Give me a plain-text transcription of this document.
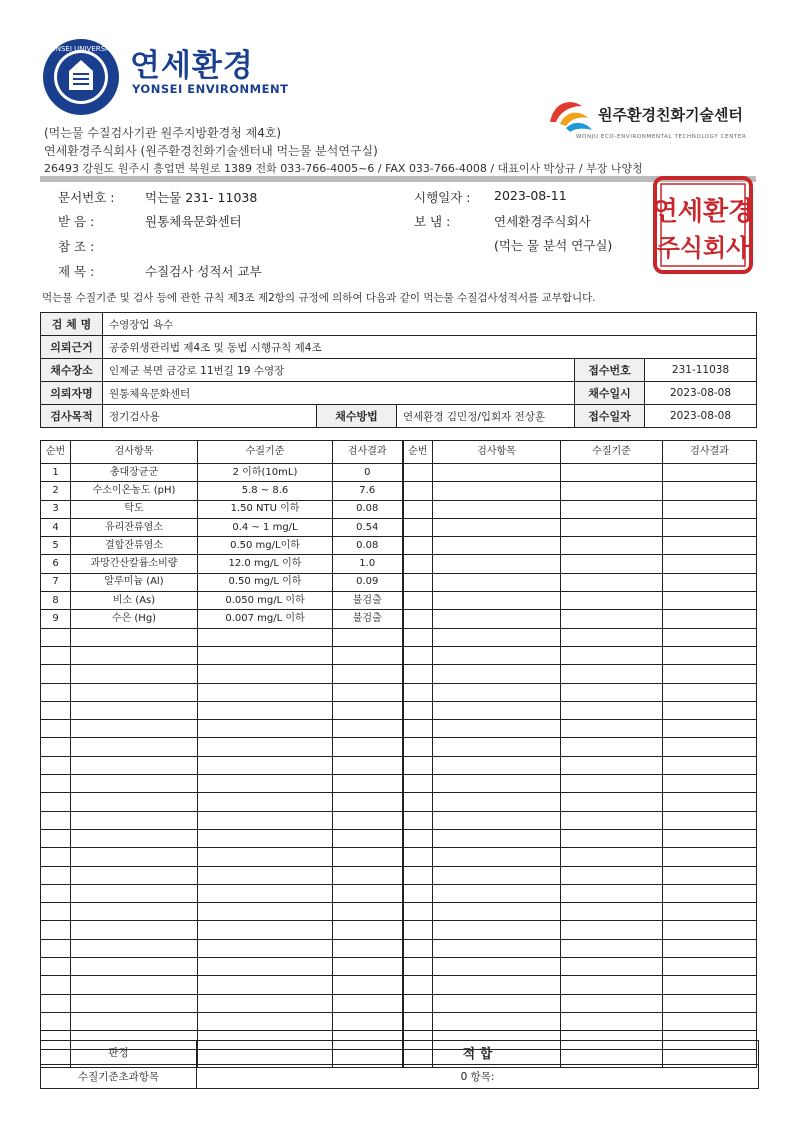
YONSEI UNIVERSITY 연세환경
YONSEI ENVIRONMENT
원주환경친화기술센터
WONJU ECO-ENVIRONMENTAL TECHNOLOGY CENTER
(먹는물 수질검사기관 원주지방환경청 제4호)
연세환경주식회사 (원주환경친화기술센터내 먹는물 분석연구실)
26493 강원도 원주시 흥업면 북원로 1389 전화 033-766-4005~6 / FAX 033-766-4008 / 대표이사 박상규 / 부장 나양청
문서번호 : 먹는물 231- 11038
받 음 :	원통체육문화센터
참 조 :
제 목 :	수질검사 성적서 교부
시행일자 : 2023-08-11
보 냄 :	연세환경주식회사
(먹는 물 분석 연구실)
연세환경
주식회사
먹는물 수질기준 및 검사 등에 관한 규칙 제3조 제2항의 규정에 의하여 다음과 같이 먹는물 수질검사성적서를 교부합니다.
검 체 명	수영장업 욕수				
의뢰근거	공중위생관리법 제4조 및 동법 시행규칙 제4조				
채수장소	인제군 북면 금강로 11번길 19 수영장			접수번호	231-11038
의뢰자명	원통체육문화센터			채수일시	2023-08-08
검사목적	정기검사용	채수방법	연세환경 김민정/입회자 전상훈	접수일자	2023-08-08
순번	검사항목	수질기준	검사결과	순번	검사항목	수질기준	검사결과
1	총대장균군	2 이하(10mL)	0				
2	수소이온농도 (pH)	5.8 ~ 8.6	7.6				
3	탁도	1.50 NTU 이하	0.08				
4	유리잔류염소	0.4 ~ 1 mg/L	0.54				
5	결합잔류염소	0.50 mg/L이하	0.08				
6	과망간산칼륨소비량	12.0 mg/L 이하	1.0				
7	알루미늄 (Al)	0.50 mg/L 이하	0.09				
8	비소 (As)	0.050 mg/L 이하	불검출				
9	수은 (Hg)	0.007 mg/L 이하	불검출				

판정	적 합
수질기준초과항목	0 항목:
